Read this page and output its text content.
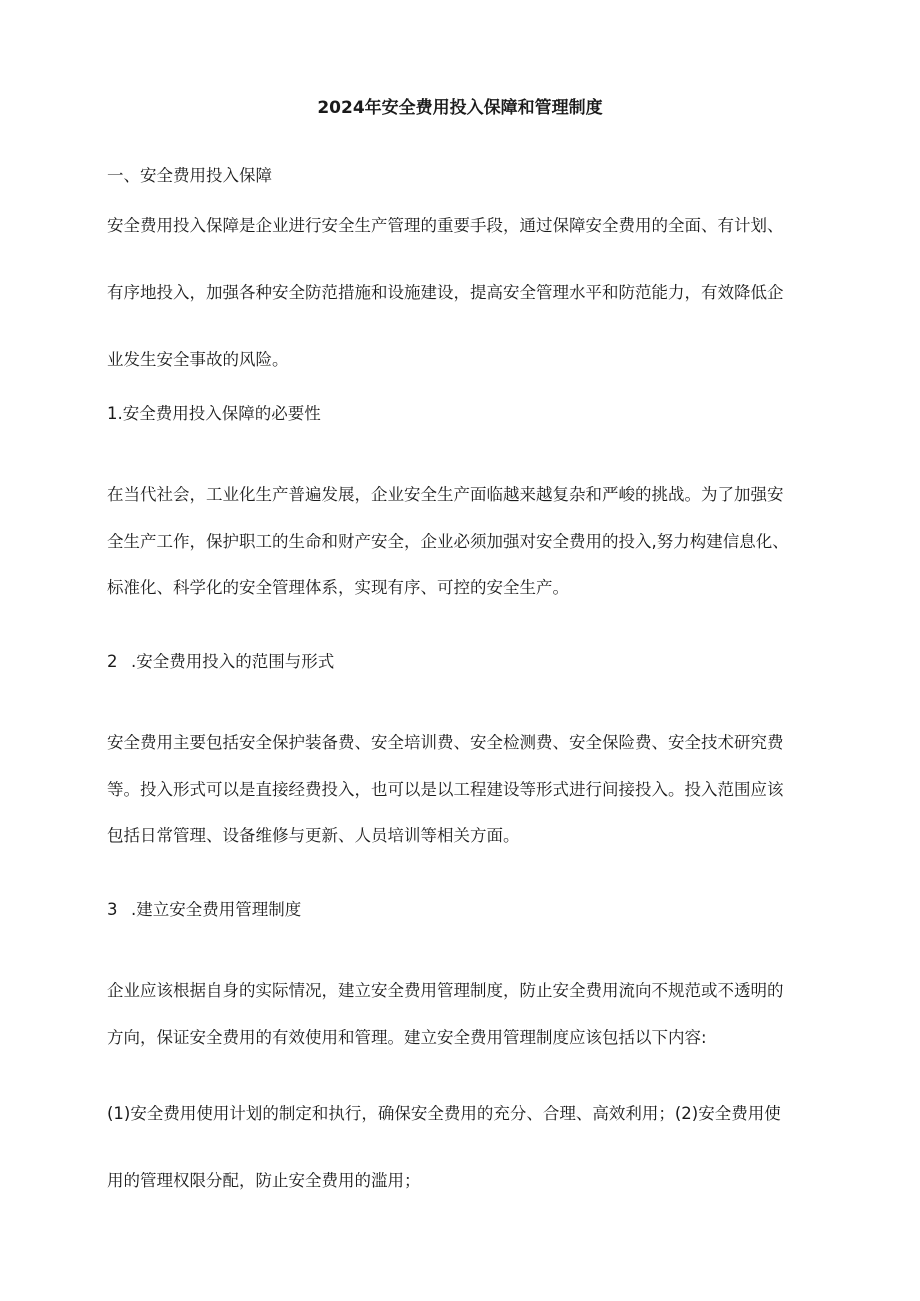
2024年安全费用投入保障和管理制度
一、安全费用投入保障
安全费用投入保障是企业进行安全生产管理的重要手段，通过保障安全费用的全面、有计划、
有序地投入，加强各种安全防范措施和设施建设，提高安全管理水平和防范能力，有效降低企
业发生安全事故的风险。
1.安全费用投入保障的必要性
在当代社会，工业化生产普遍发展，企业安全生产面临越来越复杂和严峻的挑战。为了加强安
全生产工作，保护职工的生命和财产安全，企业必须加强对安全费用的投入,努力构建信息化、
标准化、科学化的安全管理体系，实现有序、可控的安全生产。
2 .安全费用投入的范围与形式
安全费用主要包括安全保护装备费、安全培训费、安全检测费、安全保险费、安全技术研究费
等。投入形式可以是直接经费投入，也可以是以工程建设等形式进行间接投入。投入范围应该
包括日常管理、设备维修与更新、人员培训等相关方面。
3 .建立安全费用管理制度
企业应该根据自身的实际情况，建立安全费用管理制度，防止安全费用流向不规范或不透明的
方向，保证安全费用的有效使用和管理。建立安全费用管理制度应该包括以下内容:
(1)安全费用使用计划的制定和执行，确保安全费用的充分、合理、高效利用；(2)安全费用使
用的管理权限分配，防止安全费用的滥用；
